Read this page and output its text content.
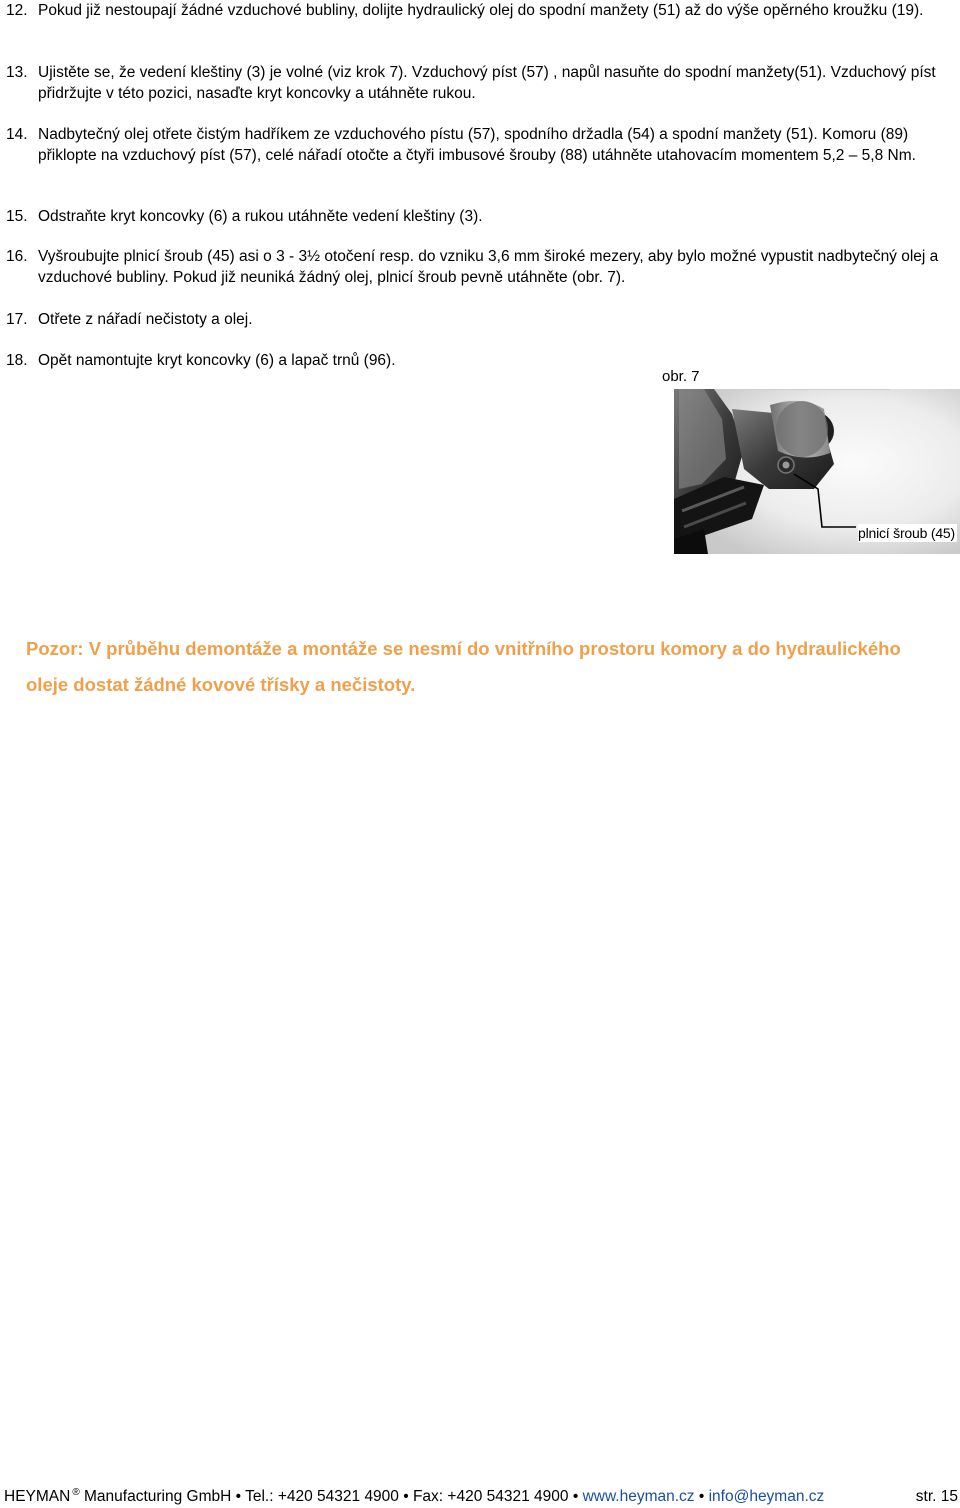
12. Pokud již nestoupají žádné vzduchové bubliny, dolijte hydraulický olej do spodní manžety (51) až do výše opěrného kroužku (19).
13. Ujistěte se, že vedení kleštiny (3) je volné (viz krok 7). Vzduchový píst (57) , napůl nasuňte do spodní manžety(51). Vzduchový píst přidržujte v této pozici, nasaďte kryt koncovky a utáhněte rukou.
14. Nadbytečný olej otřete čistým hadříkem ze vzduchového pístu (57), spodního držadla (54) a spodní manžety (51). Komoru (89) přiklopte na vzduchový píst (57), celé nářadí otočte a čtyři imbusové šrouby (88) utáhněte utahovacím momentem 5,2 – 5,8 Nm.
15. Odstraňte kryt koncovky (6) a rukou utáhněte vedení kleštiny (3).
16. Vyšroubujte plnicí šroub (45) asi o 3 - 3½ otočení resp. do vzniku 3,6 mm široké mezery, aby bylo možné vypustit nadbytečný olej a vzduchové bubliny. Pokud již neuniká žádný olej, plnicí šroub pevně utáhněte (obr. 7).
17. Otřete z nářadí nečistoty a olej.
18. Opět namontujte kryt koncovky (6) a lapač trnů (96).
obr. 7
plnicí šroub (45)

Pozor: V průběhu demontáže a montáže se nesmí do vnitřního prostoru komory a do hydraulického oleje dostat žádné kovové třísky a nečistoty.

HEYMAN ® Manufacturing GmbH • Tel.: +420 54321 4900 • Fax: +420 54321 4900 • www.heyman.cz • info@heyman.cz	str. 15
